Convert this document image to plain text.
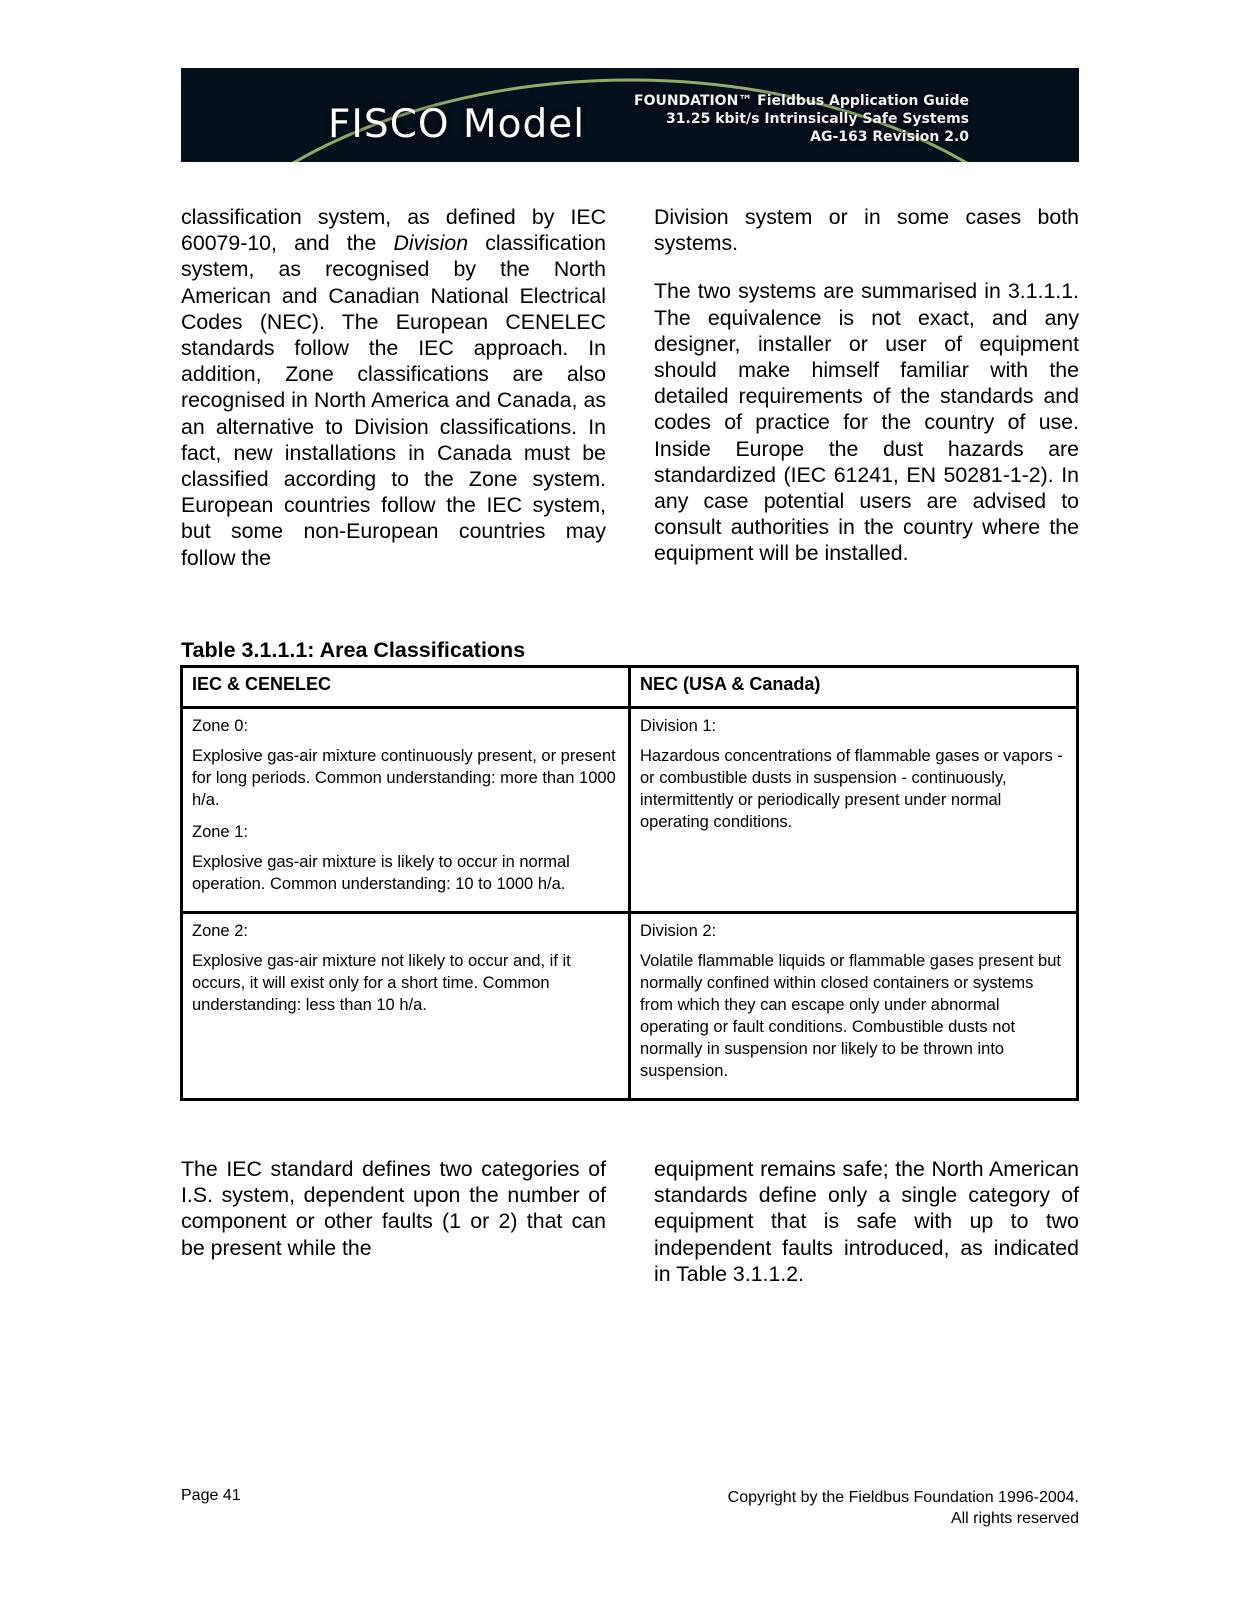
FISCO Model
FOUNDATION™ Fieldbus Application Guide
31.25 kbit/s Intrinsically Safe Systems
AG-163 Revision 2.0

classification system, as defined by IEC 60079-10, and the Division classification system, as recognised by the North American and Canadian National Electrical Codes (NEC). The European CENELEC standards follow the IEC approach. In addition, Zone classifications are also recognised in North America and Canada, as an alternative to Division classifications. In fact, new installations in Canada must be classified according to the Zone system. European countries follow the IEC system, but some non-European countries may follow the

Division system or in some cases both systems.

The two systems are summarised in 3.1.1.1. The equivalence is not exact, and any designer, installer or user of equipment should make himself familiar with the detailed requirements of the standards and codes of practice for the country of use. Inside Europe the dust hazards are standardized (IEC 61241, EN 50281-1-2). In any case potential users are advised to consult authorities in the country where the equipment will be installed.

Table 3.1.1.1: Area Classifications
IEC & CENELEC	NEC (USA & Canada)

Zone 0:
Explosive gas-air mixture continuously present, or present for long periods. Common understanding: more than 1000 h/a.
Zone 1:
Explosive gas-air mixture is likely to occur in normal operation. Common understanding: 10 to 1000 h/a.	Division 1:
Hazardous concentrations of flammable gases or vapors - or combustible dusts in suspension - continuously, intermittently or periodically present under normal operating conditions.

Zone 2:
Explosive gas-air mixture not likely to occur and, if it occurs, it will exist only for a short time. Common understanding: less than 10 h/a.	Division 2:
Volatile flammable liquids or flammable gases present but normally confined within closed containers or systems from which they can escape only under abnormal operating or fault conditions. Combustible dusts not normally in suspension nor likely to be thrown into suspension.

The IEC standard defines two categories of I.S. system, dependent upon the number of component or other faults (1 or 2) that can be present while the

equipment remains safe; the North American standards define only a single category of equipment that is safe with up to two independent faults introduced, as indicated in Table 3.1.1.2.

Page 41	Copyright by the Fieldbus Foundation 1996-2004.
All rights reserved
